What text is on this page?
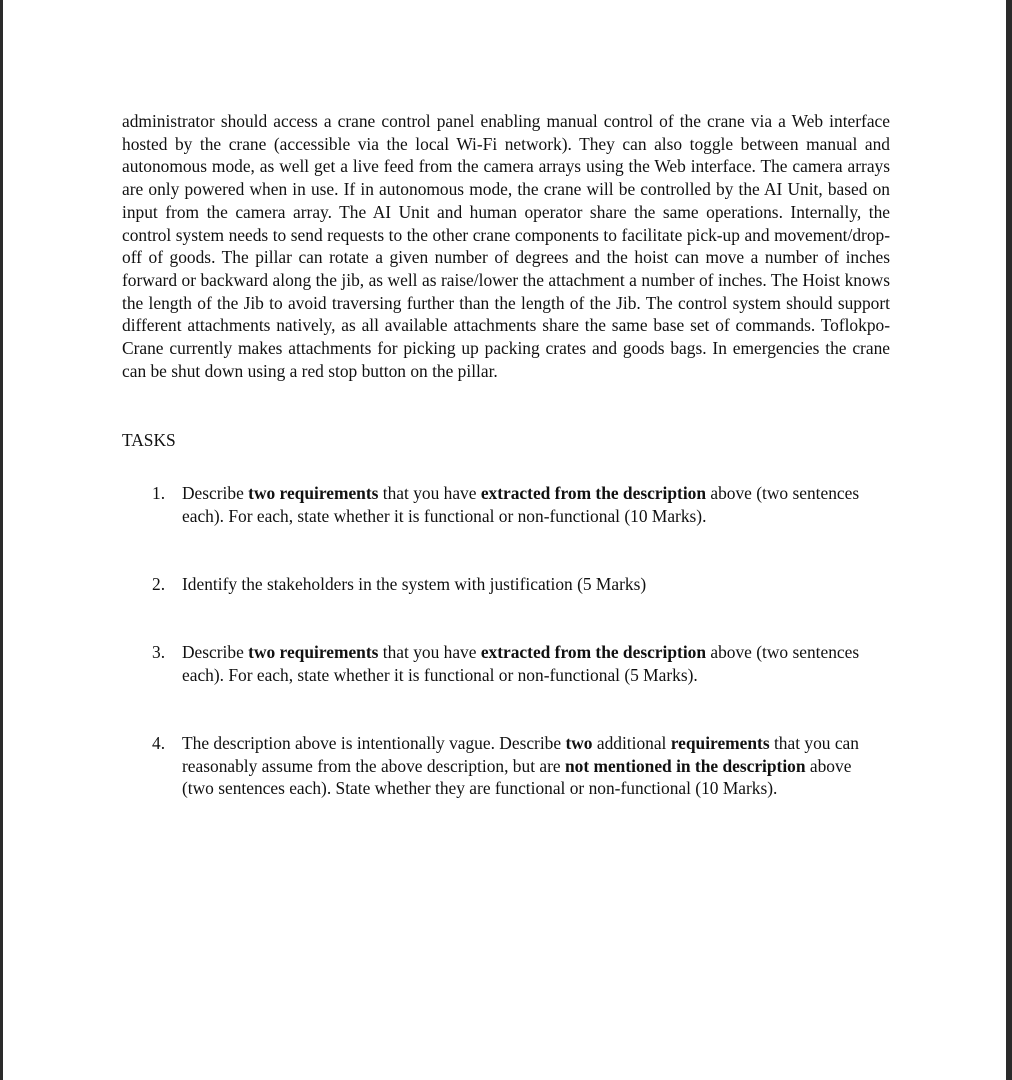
administrator should access a crane control panel enabling manual control of the crane via a Web interface hosted by the crane (accessible via the local Wi-Fi network). They can also toggle between manual and autonomous mode, as well get a live feed from the camera arrays using the Web interface. The camera arrays are only powered when in use. If in autonomous mode, the crane will be controlled by the AI Unit, based on input from the camera array. The AI Unit and human operator share the same operations. Internally, the control system needs to send requests to the other crane components to facilitate pick-up and movement/drop-off of goods. The pillar can rotate a given number of degrees and the hoist can move a number of inches forward or backward along the jib, as well as raise/lower the attachment a number of inches. The Hoist knows the length of the Jib to avoid traversing further than the length of the Jib. The control system should support different attachments natively, as all available attachments share the same base set of commands. Toflokpo-Crane currently makes attachments for picking up packing crates and goods bags. In emergencies the crane can be shut down using a red stop button on the pillar.

TASKS
1. Describe two requirements that you have extracted from the description above (two sentences each). For each, state whether it is functional or non-functional (10 Marks).
2. Identify the stakeholders in the system with justification (5 Marks)
3. Describe two requirements that you have extracted from the description above (two sentences each). For each, state whether it is functional or non-functional (5 Marks).
4. The description above is intentionally vague. Describe two additional requirements that you can reasonably assume from the above description, but are not mentioned in the description above (two sentences each). State whether they are functional or non-functional (10 Marks).
